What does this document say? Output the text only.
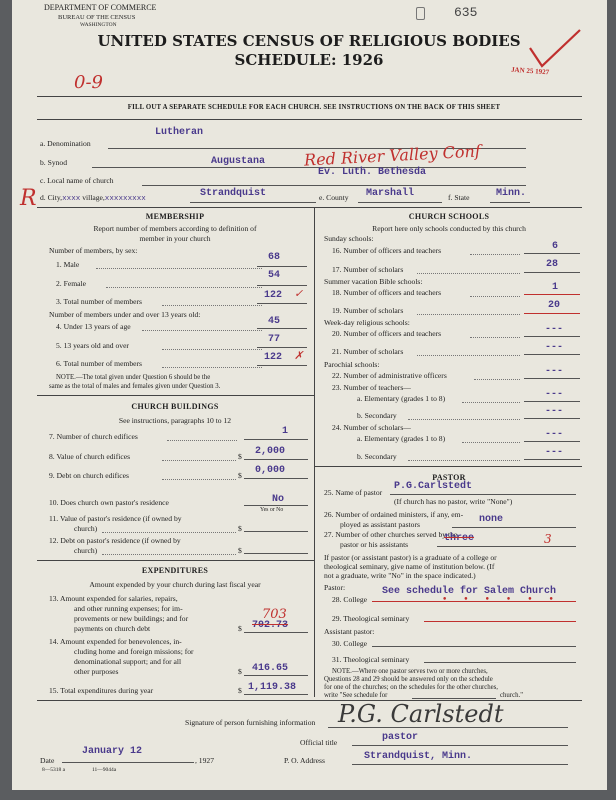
DEPARTMENT OF COMMERCE
BUREAU OF THE CENSUS
WASHINGTON
635
JAN 25 1927
UNITED STATES CENSUS OF RELIGIOUS BODIES
SCHEDULE: 1926
0-9
FILL OUT A SEPARATE SCHEDULE FOR EACH CHURCH. SEE INSTRUCTIONS ON THE BACK OF THIS SHEET
a. Denomination
Lutheran
b. Synod	Augustana Red River Valley Conf
c. Local name of church
Ev. Luth. Bethesda
R d. City,xxxx village,xxxxxxxxx	Strandquist	e. County Marshall	f. State	Minn.
MEMBERSHIP
Report number of members according to definition of
member in your church
Number of members, by sex:
1. Male
68
2. Female
54
3. Total number of members
122 ✓
Number of members under and over 13 years old:
4. Under 13 years of age	45
5. 13 years old and over
77
6. Total number of members
122 ✗
NOTE.—The total given under Question 6 should be the
same as the total of males and females given under Question 3.
CHURCH BUILDINGS
See instructions, paragraphs 10 to 12
7. Number of church edifices	1
8. Value of church edifices	$ 2,000
9. Debt on church edifices	$ 0,000
10. Does church own pastor's residence	No
Yes or No
11. Value of pastor's residence (if owned by
church)	$
12. Debt on pastor's residence (if owned by
church)	$
EXPENDITURES
Amount expended by your church during last fiscal year
13. Amount expended for salaries, repairs,
and other running expenses; for im-
provements or new buildings; and for
payments on church debt	$
703
702.73
14. Amount expended for benevolences, in-
cluding home and foreign missions; for
denominational support; and for all
other purposes	$ 416.65
15. Total expenditures during year	$ 1,119.38
CHURCH SCHOOLS
Report here only schools conducted by this church
Sunday schools:
16. Number of officers and teachers	6
17. Number of scholars	28
Summer vacation Bible schools:
18. Number of officers and teachers	1
19. Number of scholars	20
Week-day religious schools:
20. Number of officers and teachers	---
21. Number of scholars	---
Parochial schools:
22. Number of administrative officers	---
23. Number of teachers—
a. Elementary (grades 1 to 8)	---
b. Secondary	---
24. Number of scholars—
a. Elementary (grades 1 to 8)	---
b. Secondary	---
PASTOR
25. Name of pastor
P.G.Carlstedt
(If church has no pastor, write "None")
26. Number of ordained ministers, if any, em-
ployed as assistant pastors	none
27. Number of other churches served by the
pastor or his assistants
three	3
If pastor (or assistant pastor) is a graduate of a college or
theological seminary, give name of institution below. (If
not a graduate, write "No" in the space indicated.)
Pastor:
28. College
See schedule for Salem Church
••••••
29. Theological seminary
Assistant pastor:
30. College
31. Theological seminary
NOTE.—Where one pastor serves two or more churches,
Questions 28 and 29 should be answered only on the schedule
for one of the churches; on the schedules for the other churches,
write "See schedule for	church."
Signature of person furnishing information P.G. Carlstedt
Official title	pastor
Date
January 12
, 1927
8—5318 a	11—9044a
P. O. Address	Strandquist, Minn.
